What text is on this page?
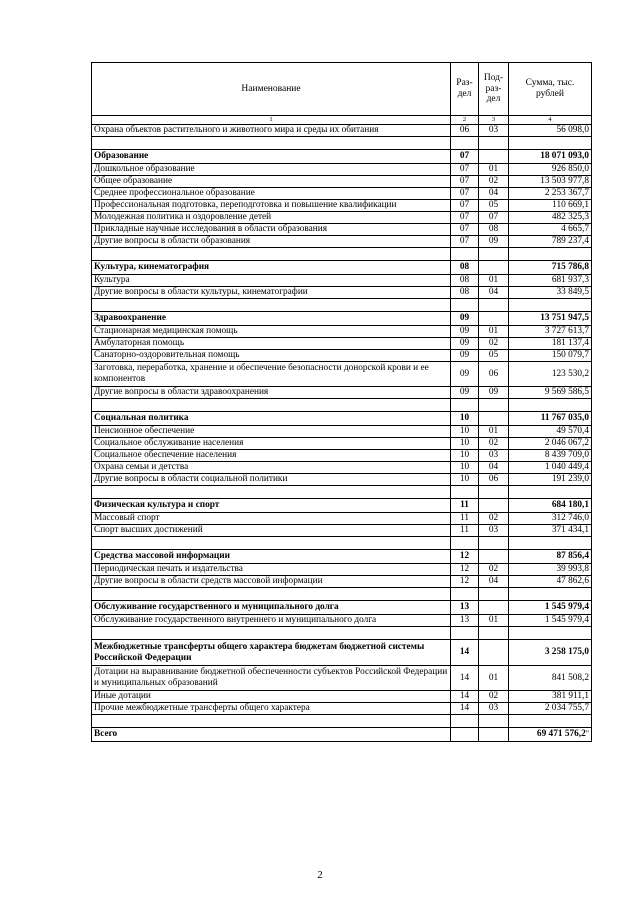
Наименование	Раз-дел	Под-раз-дел	Сумма, тыс. рублей
1	2	3	4
Охрана объектов растительного и животного мира и среды их обитания	06	03	56 098,0

Образование	07		18 071 093,0
Дошкольное образование	07	01	926 850,0
Общее образование	07	02	13 503 977,8
Среднее профессиональное образование	07	04	2 253 367,7
Профессиональная подготовка, переподготовка и повышение квалификации	07	05	110 669,1
Молодежная политика и оздоровление детей	07	07	482 325,3
Прикладные научные исследования в области образования	07	08	4 665,7
Другие вопросы в области образования	07	09	789 237,4

Культура, кинематография	08		715 786,8
Культура	08	01	681 937,3
Другие вопросы в области культуры, кинематографии	08	04	33 849,5

Здравоохранение	09		13 751 947,5
Стационарная медицинская помощь	09	01	3 727 613,7
Амбулаторная помощь	09	02	181 137,4
Санаторно-оздоровительная помощь	09	05	150 079,7
Заготовка, переработка, хранение и обеспечение безопасности донорской крови и ее компонентов	09	06	123 530,2
Другие вопросы в области здравоохранения	09	09	9 569 586,5

Социальная политика	10		11 767 035,0
Пенсионное обеспечение	10	01	49 570,4
Социальное обслуживание населения	10	02	2 046 067,2
Социальное обеспечение населения	10	03	8 439 709,0
Охрана семьи и детства	10	04	1 040 449,4
Другие вопросы в области социальной политики	10	06	191 239,0

Физическая культура и спорт	11		684 180,1
Массовый спорт	11	02	312 746,0
Спорт высших достижений	11	03	371 434,1

Средства массовой информации	12		87 856,4
Периодическая печать и издательства	12	02	39 993,8
Другие вопросы в области средств массовой информации	12	04	47 862,6

Обслуживание государственного и муниципального долга	13		1 545 979,4
Обслуживание государственного внутреннего и муниципального долга	13	01	1 545 979,4

Межбюджетные трансферты общего характера бюджетам бюджетной системы Российской Федерации	14		3 258 175,0
Дотации на выравнивание бюджетной обеспеченности субъектов Российской Федерации и муниципальных образований	14	01	841 508,2
Иные дотации	14	02	381 911,1
Прочие межбюджетные трансферты общего характера	14	03	2 034 755,7

Всего			69 471 576,2"
2
